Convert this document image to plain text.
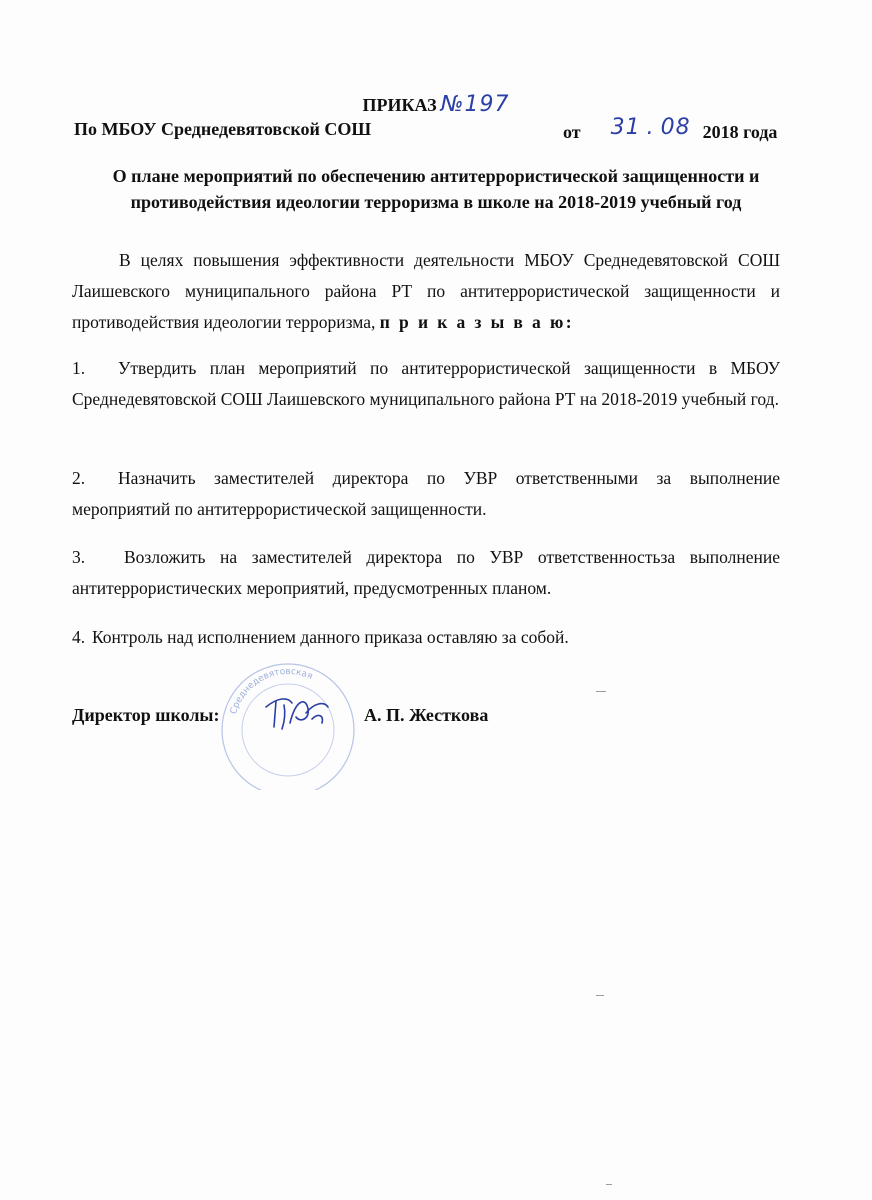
ПРИКАЗ №197
По МБОУ Среднедевятовской СОШ	от 31 . 08 2018 года
О плане мероприятий по обеспечению антитеррористической защищенности и
противодействия идеологии терроризма в школе на 2018-2019 учебный год
В целях повышения эффективности деятельности МБОУ Среднедевятовской СОШ Лаишевского муниципального района РТ по антитеррористической защищенности и противодействия идеологии терроризма, п р и к а з ы в а ю:
1. Утвердить план мероприятий по антитеррористической защищенности в МБОУ Среднедевятовской СОШ Лаишевского муниципального района РТ на 2018-2019 учебный год.
2. Назначить заместителей директора по УВР ответственными за выполнение мероприятий по антитеррористической защищенности.
3. Возложить на заместителей директора по УВР ответственностьза выполнение антитеррористических мероприятий, предусмотренных планом.
4. Контроль над исполнением данного приказа оставляю за собой.
Среднедевятовская
Директор школы:	А. П. Жесткова
